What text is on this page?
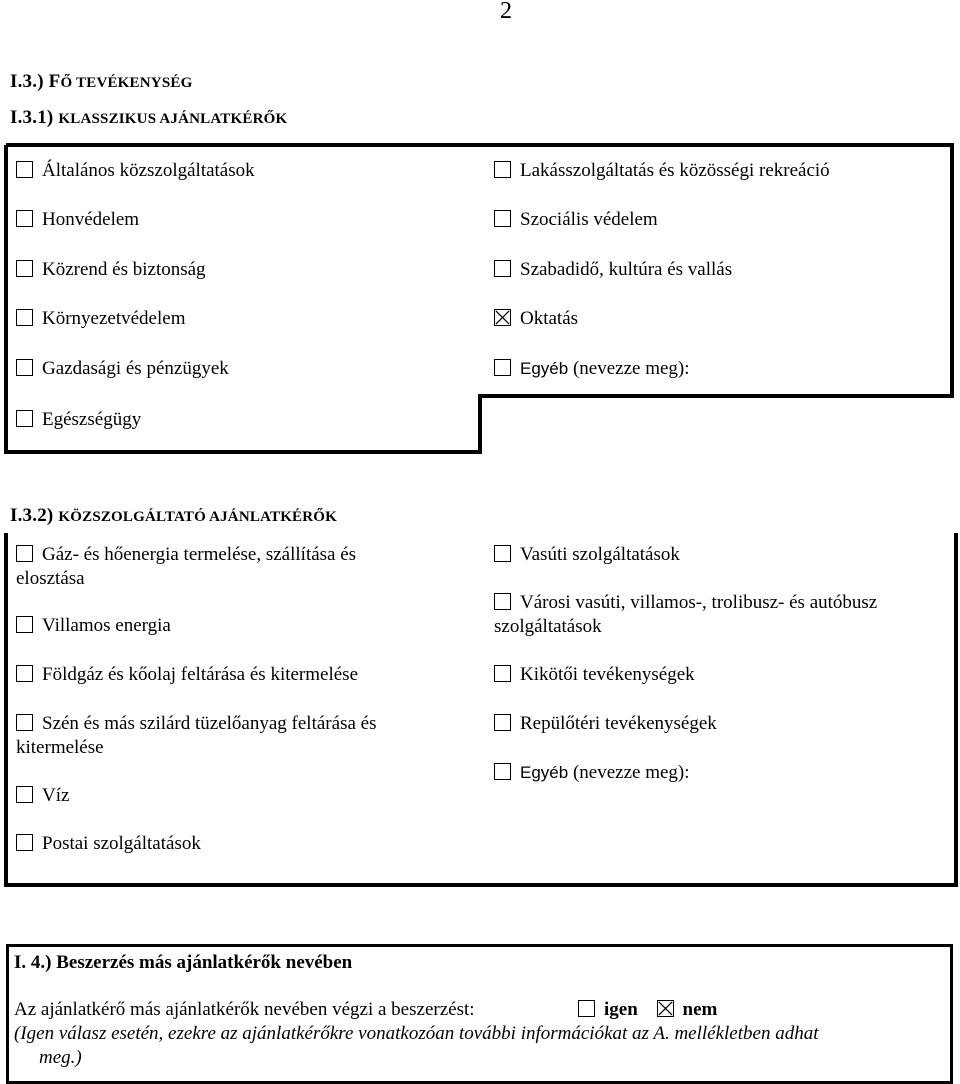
2
I.3.) FŐ TEVÉKENYSÉG
I.3.1) KLASSZIKUS AJÁNLATKÉRŐK
Általános közszolgáltatások
Honvédelem
Közrend és biztonság
Környezetvédelem
Gazdasági és pénzügyek
Egészségügy
Lakásszolgáltatás és közösségi rekreáció
Szociális védelem
Szabadidő, kultúra és vallás
Oktatás
Egyéb (nevezze meg):
I.3.2) KÖZSZOLGÁLTATÓ AJÁNLATKÉRŐK
Gáz- és hőenergia termelése, szállítása és
elosztása
Villamos energia
Földgáz és kőolaj feltárása és kitermelése
Szén és más szilárd tüzelőanyag feltárása és
kitermelése
Víz
Postai szolgáltatások
Vasúti szolgáltatások
Városi vasúti, villamos-, trolibusz- és autóbusz
szolgáltatások
Kikötői tevékenységek
Repülőtéri tevékenységek
Egyéb (nevezze meg):
I. 4.) Beszerzés más ajánlatkérők nevében
Az ajánlatkérő más ajánlatkérők nevében végzi a beszerzést:	igen nem
(Igen válasz esetén, ezekre az ajánlatkérőkre vonatkozóan további információkat az A. mellékletben adhat
meg.)
